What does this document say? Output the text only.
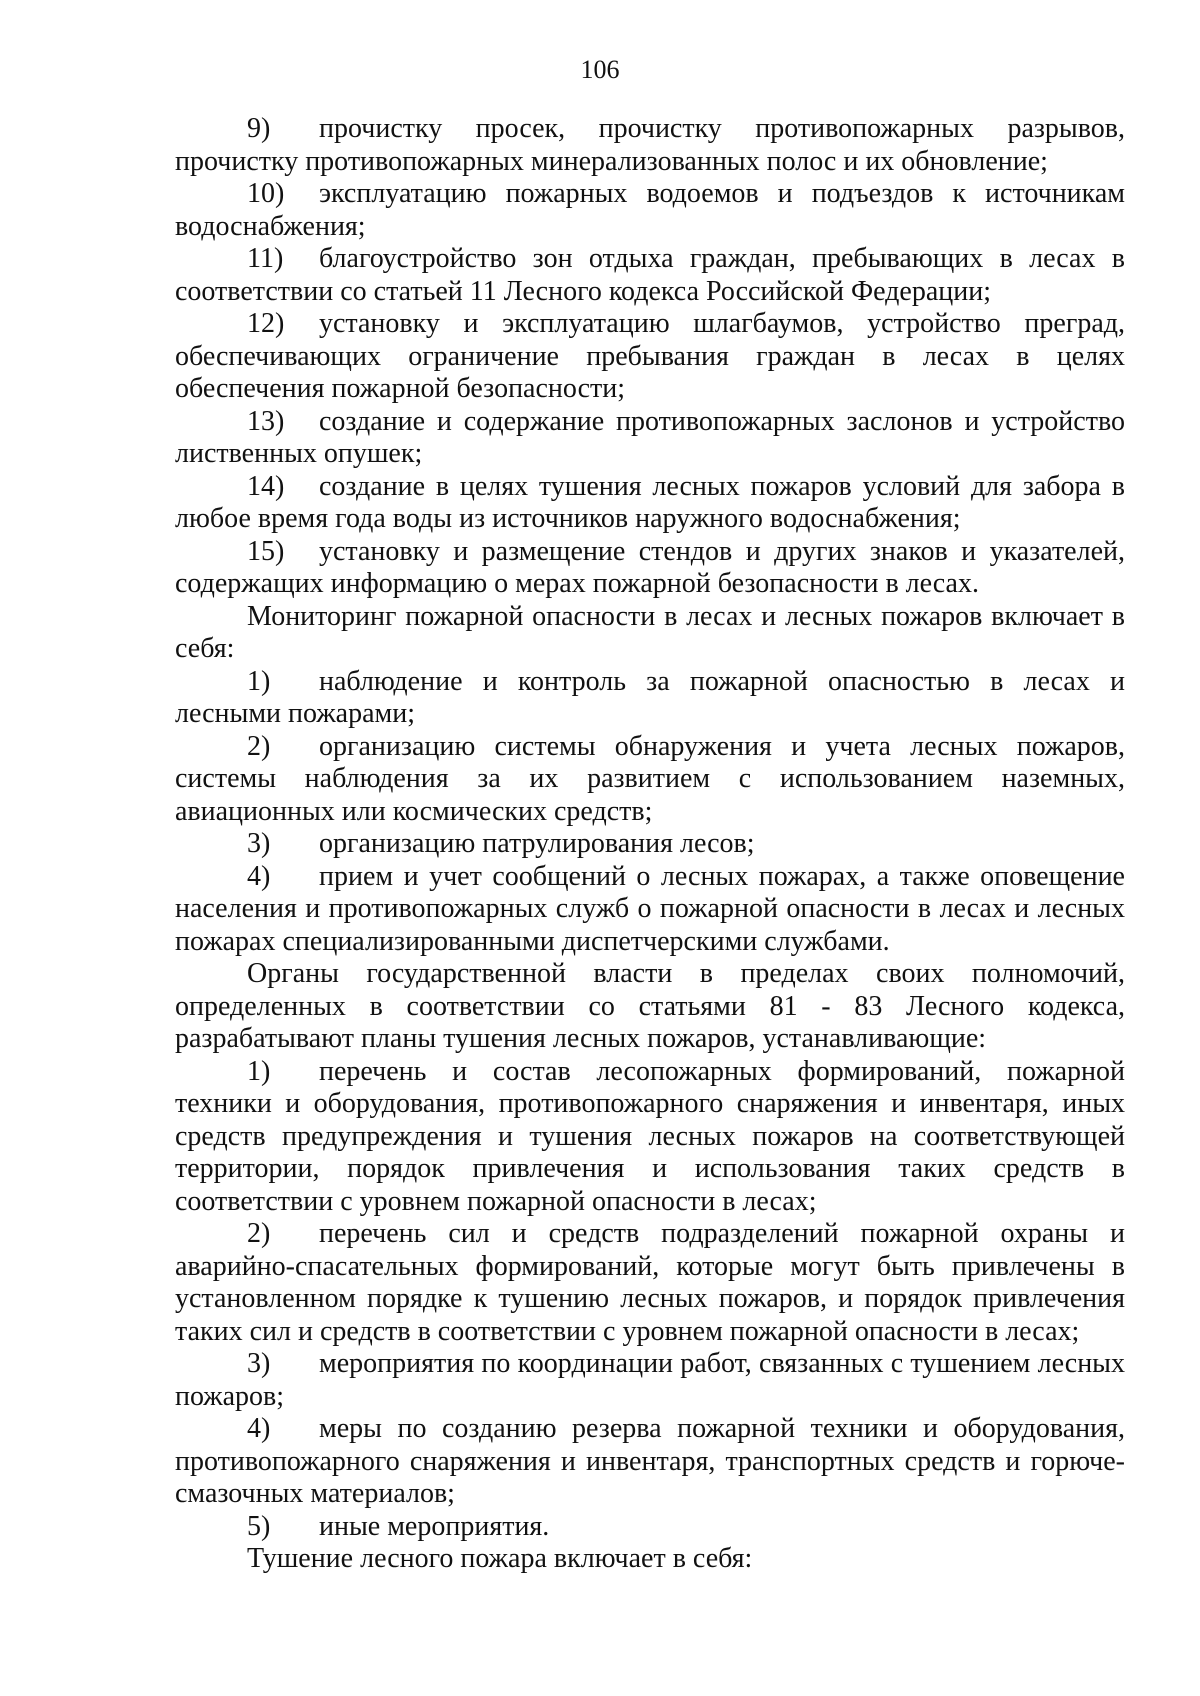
106

9) прочистку просек, прочистку противопожарных разрывов, прочистку противопожарных минерализованных полос и их обновление;

10) эксплуатацию пожарных водоемов и подъездов к источникам водоснабжения;

11) благоустройство зон отдыха граждан, пребывающих в лесах в соответствии со статьей 11 Лесного кодекса Российской Федерации;

12) установку и эксплуатацию шлагбаумов, устройство преград, обеспечивающих ограничение пребывания граждан в лесах в целях обеспечения пожарной безопасности;

13) создание и содержание противопожарных заслонов и устройство лиственных опушек;

14) создание в целях тушения лесных пожаров условий для забора в любое время года воды из источников наружного водоснабжения;

15) установку и размещение стендов и других знаков и указателей, содержащих информацию о мерах пожарной безопасности в лесах.

Мониторинг пожарной опасности в лесах и лесных пожаров включает в себя:

1) наблюдение и контроль за пожарной опасностью в лесах и лесными пожарами;

2) организацию системы обнаружения и учета лесных пожаров, системы наблюдения за их развитием с использованием наземных, авиационных или космических средств;

3) организацию патрулирования лесов;

4) прием и учет сообщений о лесных пожарах, а также оповещение населения и противопожарных служб о пожарной опасности в лесах и лесных пожарах специализированными диспетчерскими службами.

Органы государственной власти в пределах своих полномочий, определенных в соответствии со статьями 81 - 83 Лесного кодекса, разрабатывают планы тушения лесных пожаров, устанавливающие:

1) перечень и состав лесопожарных формирований, пожарной техники и оборудования, противопожарного снаряжения и инвентаря, иных средств предупреждения и тушения лесных пожаров на соответствующей территории, порядок привлечения и использования таких средств в соответствии с уровнем пожарной опасности в лесах;

2) перечень сил и средств подразделений пожарной охраны и аварийно-спасательных формирований, которые могут быть привлечены в установленном порядке к тушению лесных пожаров, и порядок привлечения таких сил и средств в соответствии с уровнем пожарной опасности в лесах;

3) мероприятия по координации работ, связанных с тушением лесных пожаров;

4) меры по созданию резерва пожарной техники и оборудования, противопожарного снаряжения и инвентаря, транспортных средств и горюче-смазочных материалов;

5) иные мероприятия.

Тушение лесного пожара включает в себя:
